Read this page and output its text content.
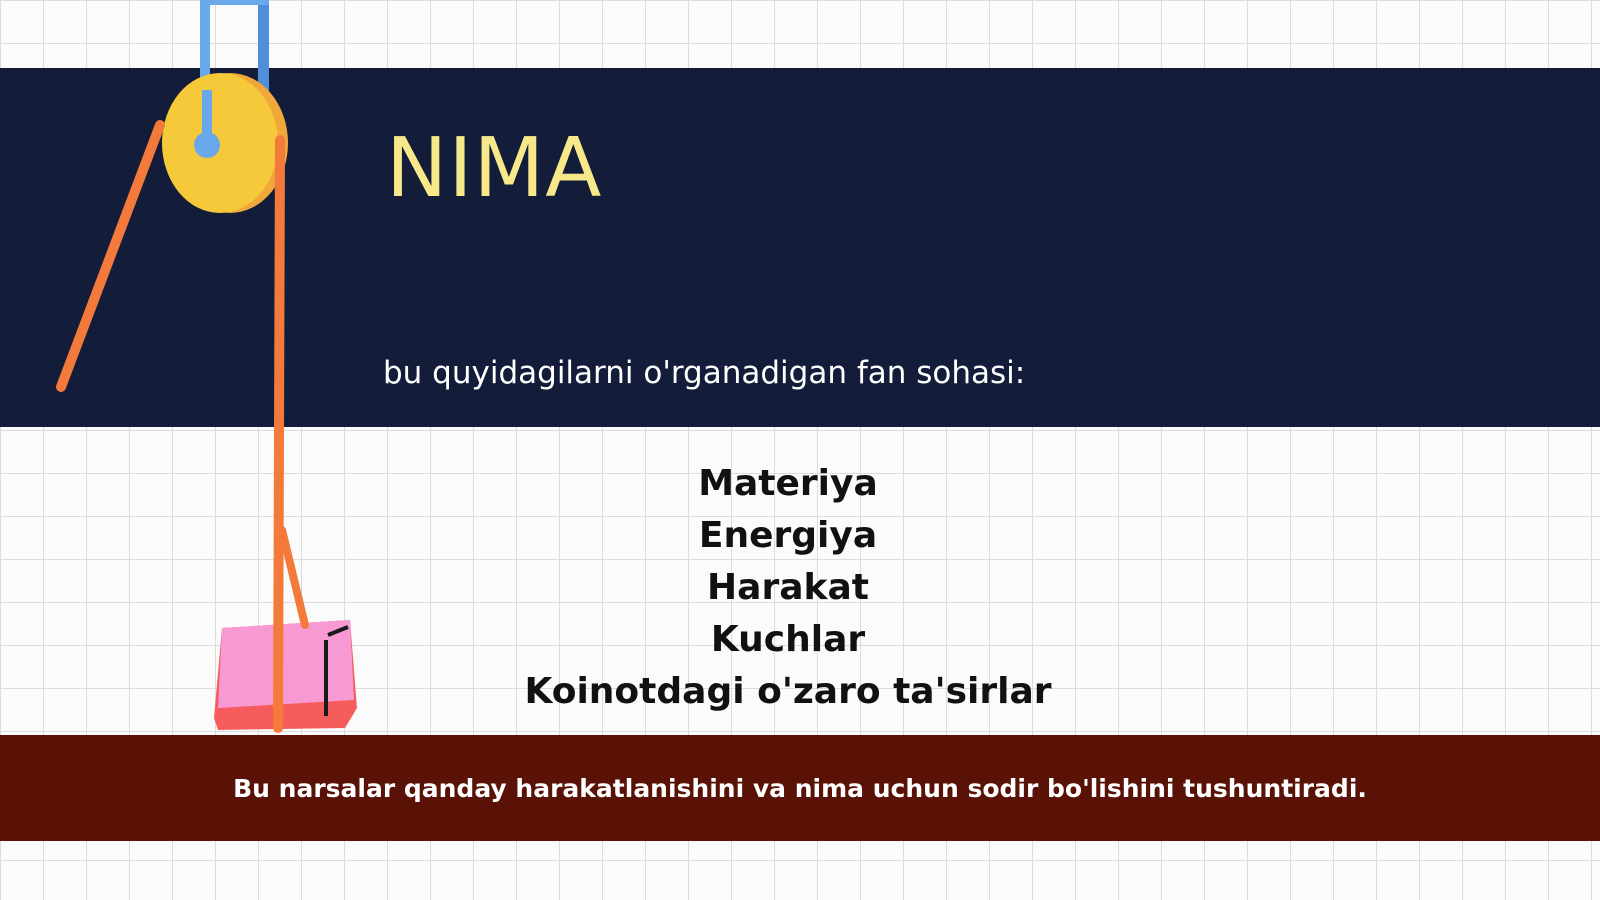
NIMA
bu quyidagilarni o'rganadigan fan sohasi:
Materiya
Energiya
Harakat
Kuchlar
Koinotdagi o'zaro ta'sirlar
Bu narsalar qanday harakatlanishini va nima uchun sodir bo'lishini tushuntiradi.
